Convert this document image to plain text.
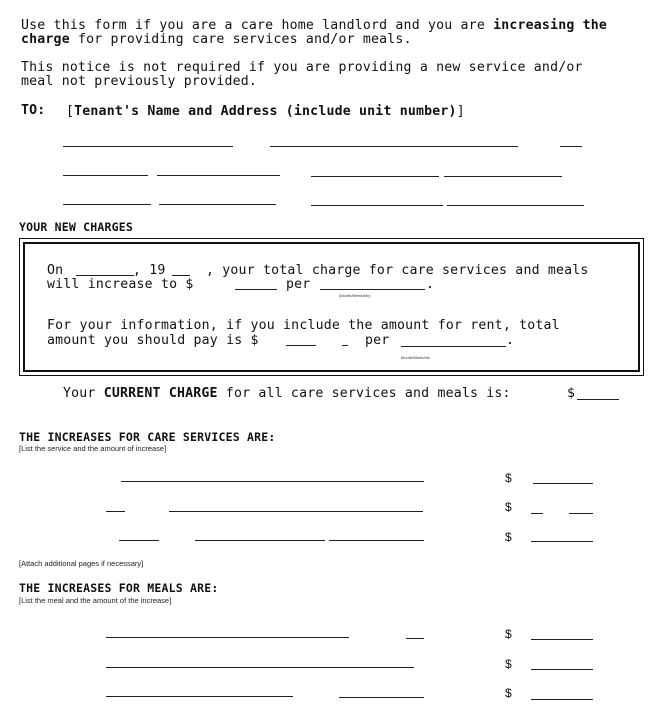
Use this form if you are a care home landlord and you are increasing the
charge for providing care services and/or meals.
This notice is not required if you are providing a new service and/or
meal not previously provided.
TO: [Tenant's Name and Address (include unit number)]
YOUR NEW CHARGES
On	, 19	, your total charge for care services and meals
will increase to $	per	.
(Month/Week/etc)
For your information, if you include the amount for rent, total
amount you should pay is $	per	.
Month/Week/etc
Your CURRENT CHARGE for all care services and meals is:	$
THE INCREASES FOR CARE SERVICES ARE:
[List the service and the amount of increase]
$
$
$
[Attach additional pages if necessary]
THE INCREASES FOR MEALS ARE:
[List the meal and the amount of the increase]
$
$
$
